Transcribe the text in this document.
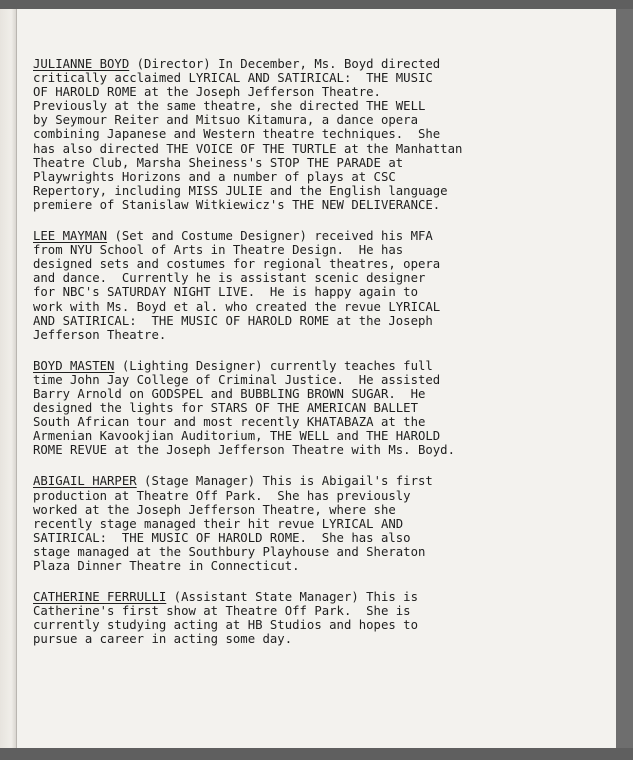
JULIANNE BOYD (Director) In December, Ms. Boyd directed
critically acclaimed LYRICAL AND SATIRICAL:  THE MUSIC
OF HAROLD ROME at the Joseph Jefferson Theatre.
Previously at the same theatre, she directed THE WELL
by Seymour Reiter and Mitsuo Kitamura, a dance opera
combining Japanese and Western theatre techniques.  She
has also directed THE VOICE OF THE TURTLE at the Manhattan
Theatre Club, Marsha Sheiness's STOP THE PARADE at
Playwrights Horizons and a number of plays at CSC
Repertory, including MISS JULIE and the English language
premiere of Stanislaw Witkiewicz's THE NEW DELIVERANCE.
LEE MAYMAN (Set and Costume Designer) received his MFA
from NYU School of Arts in Theatre Design.  He has
designed sets and costumes for regional theatres, opera
and dance.  Currently he is assistant scenic designer
for NBC's SATURDAY NIGHT LIVE.  He is happy again to
work with Ms. Boyd et al. who created the revue LYRICAL
AND SATIRICAL:  THE MUSIC OF HAROLD ROME at the Joseph
Jefferson Theatre.
BOYD MASTEN (Lighting Designer) currently teaches full
time John Jay College of Criminal Justice.  He assisted
Barry Arnold on GODSPEL and BUBBLING BROWN SUGAR.  He
designed the lights for STARS OF THE AMERICAN BALLET
South African tour and most recently KHATABAZA at the
Armenian Kavookjian Auditorium, THE WELL and THE HAROLD
ROME REVUE at the Joseph Jefferson Theatre with Ms. Boyd.
ABIGAIL HARPER (Stage Manager) This is Abigail's first
production at Theatre Off Park.  She has previously
worked at the Joseph Jefferson Theatre, where she
recently stage managed their hit revue LYRICAL AND
SATIRICAL:  THE MUSIC OF HAROLD ROME.  She has also
stage managed at the Southbury Playhouse and Sheraton
Plaza Dinner Theatre in Connecticut.
CATHERINE FERRULLI (Assistant State Manager) This is
Catherine's first show at Theatre Off Park.  She is
currently studying acting at HB Studios and hopes to
pursue a career in acting some day.
